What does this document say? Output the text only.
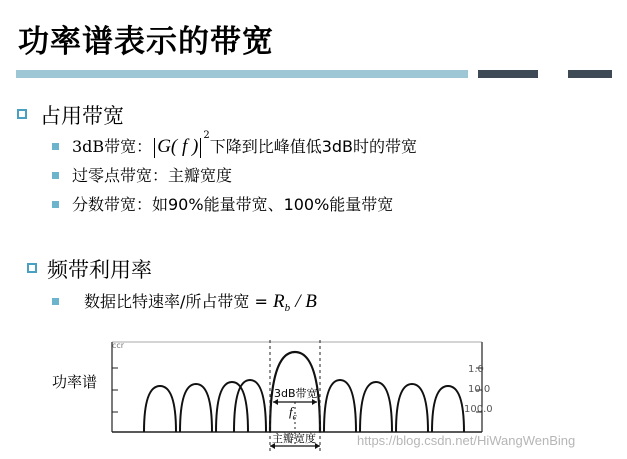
功率谱表示的带宽
占用带宽
3dB带宽： G( f )$^2$下降到比峰值低3dB时的带宽
过零点带宽：主瓣宽度
分数带宽：如90%能量带宽、100%能量带宽
频带利用率
数据比特速率/所占带宽 = $R_b$ / B
功率谱
3dB带宽
$f_c$
主瓣宽度
1.0
10.0
100.0
ccr
https://blog.csdn.net/HiWangWenBing
